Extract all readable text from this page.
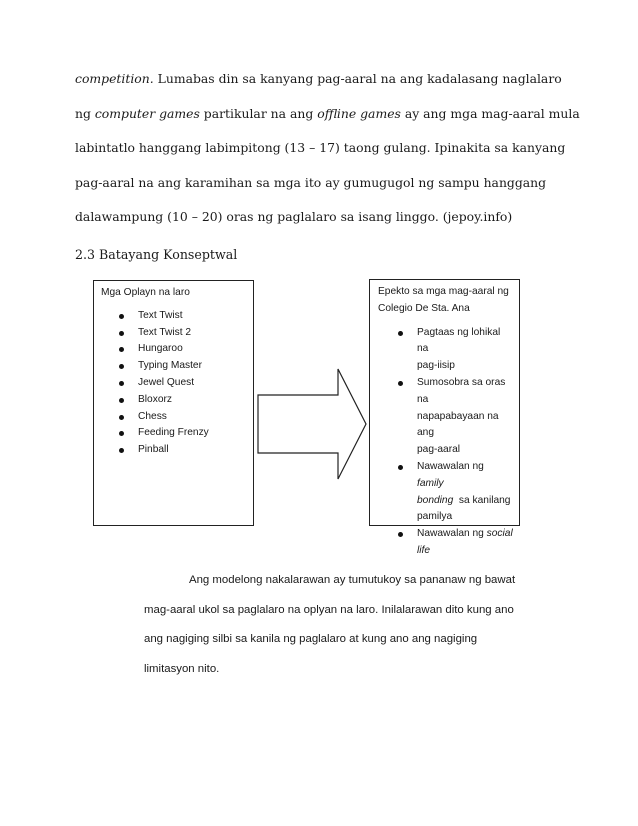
competition. Lumabas din sa kanyang pag-aaral na ang kadalasang naglalaro

ng computer games partikular na ang offline games ay ang mga mag-aaral mula

labintatlo hanggang labimpitong (13 – 17) taong gulang. Ipinakita sa kanyang

pag-aaral na ang karamihan sa mga ito ay gumugugol ng sampu hanggang

dalawampung (10 – 20) oras ng paglalaro sa isang linggo. (jepoy.info)

2.3 Batayang Konseptwal

Mga Oplayn na laro

Text Twist
Text Twist 2
Hungaroo
Typing Master
Jewel Quest
Bloxorz
Chess
Feeding Frenzy
Pinball

Epekto sa mga mag-aaral ng
Colegio De Sta. Ana

Pagtaas ng lohikal na
pag-iisip
Sumosobra sa oras na
napapabayaan na ang
pag-aaral
Nawawalan ng family
bonding  sa kanilang
pamilya
Nawawalan ng social
life

Ang modelong nakalarawan ay tumutukoy sa pananaw ng bawat

mag-aaral ukol sa paglalaro na oplyan na laro. Inilalarawan dito kung ano

ang nagiging silbi sa kanila ng paglalaro at kung ano ang nagiging

limitasyon nito.
